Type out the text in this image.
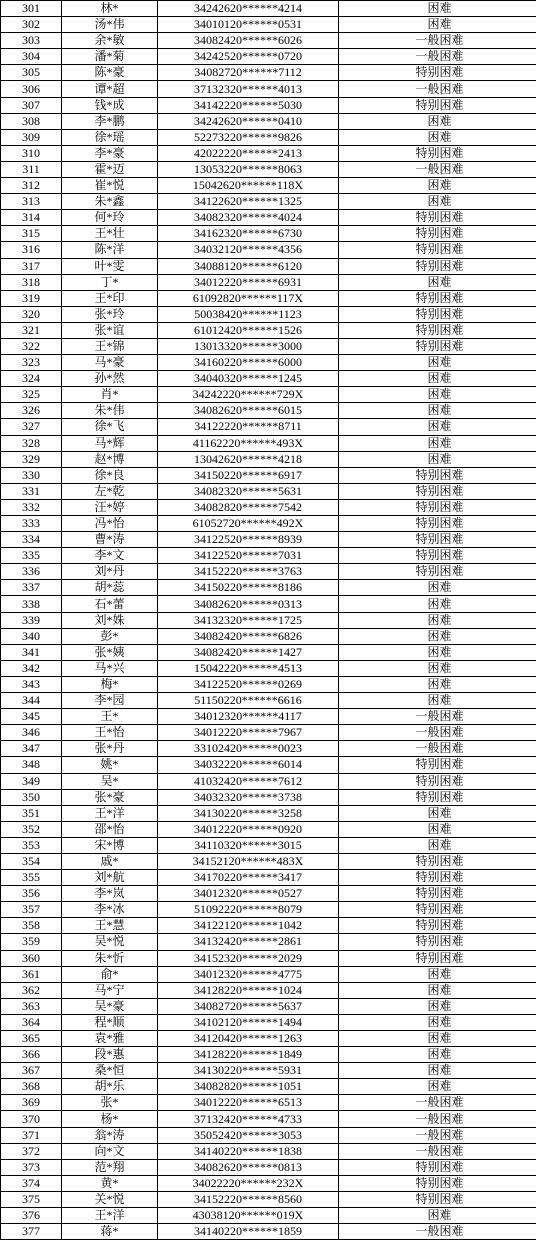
301	林*	34242620******4214	困难
302	汤*伟	34010120******0531	困难
303	余*敏	34082420******6026	一般困难
304	潘*菊	34242520******0720	一般困难
305	陈*豪	34082720******7112	特别困难
306	谭*超	37132320******4013	一般困难
307	钱*成	34142220******5030	特别困难
308	李*鹏	34242620******0410	困难
309	徐*瑶	52273220******9826	困难
310	李*豪	42022220******2413	特别困难
311	霍*迈	13053220******8063	一般困难
312	崔*悦	15042620******118X	困难
313	朱*鑫	34122620******1325	困难
314	何*玲	34082320******4024	特别困难
315	王*壮	34162320******6730	特别困难
316	陈*洋	34032120******4356	特别困难
317	叶*雯	34088120******6120	特别困难
318	丁*	34012220******6931	困难
319	王*印	61092820******117X	特别困难
320	张*玲	50038420******1123	特别困难
321	张*谊	61012420******1526	特别困难
322	王*锦	13013320******3000	特别困难
323	马*豪	34160220******6000	困难
324	孙*然	34040320******1245	困难
325	肖*	34242220******729X	困难
326	朱*伟	34082620******6015	困难
327	徐*飞	34122220******8711	困难
328	马*辉	41162220******493X	困难
329	赵*博	13042620******4218	困难
330	徐*良	34150220******6917	特别困难
331	左*乾	34082320******5631	特别困难
332	汪*婷	34082820******7542	特别困难
333	冯*怡	61052720******492X	特别困难
334	曹*涛	34122520******8939	特别困难
335	李*文	34122520******7031	特别困难
336	刘*丹	34152220******3763	特别困难
337	胡*蕊	34150220******8186	困难
338	石*蕾	34082620******0313	困难
339	刘*姝	34132320******1725	困难
340	彭*	34082420******6826	困难
341	张*姨	34082420******1427	困难
342	马*兴	15042220******4513	困难
343	梅*	34122520******0269	困难
344	李*园	51150220******6616	困难
345	王*	34012320******4117	一般困难
346	王*怡	34012220******7967	一般困难
347	张*丹	33102420******0023	一般困难
348	姚*	34032220******6014	特别困难
349	吴*	41032420******7612	特别困难
350	张*豪	34032320******3738	特别困难
351	王*洋	34130220******3258	困难
352	邵*怡	34012220******0920	困难
353	宋*博	34110320******3015	困难
354	戚*	34152120******483X	特别困难
355	刘*航	34170220******3417	特别困难
356	李*岚	34012320******0527	特别困难
357	李*冰	51092220******8079	特别困难
358	王*慧	34122120******1042	特别困难
359	吴*悦	34132420******2861	特别困难
360	朱*忻	34152320******2029	特别困难
361	俞*	34012320******4775	困难
362	马*宁	34128220******1024	困难
363	吴*豪	34082720******5637	困难
364	程*顺	34102120******1494	困难
365	袁*雅	34120420******1263	困难
366	段*惠	34128220******1849	困难
367	桑*恒	34130220******5931	困难
368	胡*乐	34082820******1051	困难
369	张*	34012220******6513	一般困难
370	杨*	37132420******4733	一般困难
371	翁*涛	35052420******3053	一般困难
372	向*文	34140220******1838	一般困难
373	范*翔	34082620******0813	特别困难
374	黄*	34022220******232X	特别困难
375	关*悦	34152220******8560	特别困难
376	王*洋	43038120******019X	困难
377	蒋*	34140220******1859	一般困难
